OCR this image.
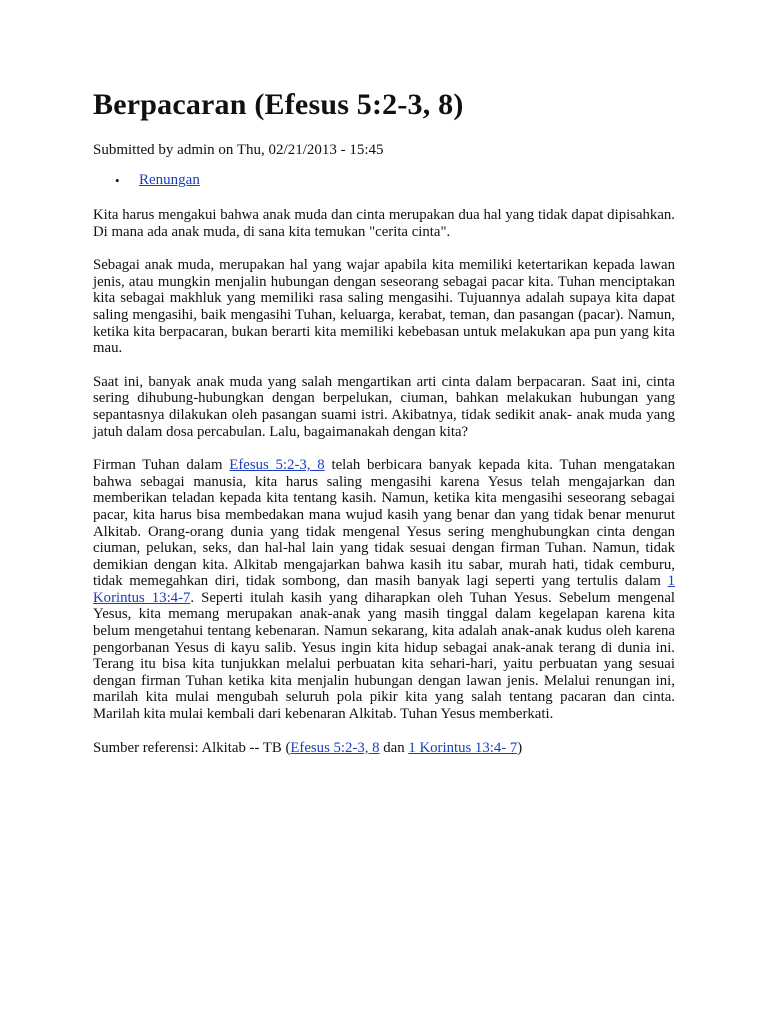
Berpacaran (Efesus 5:2-3, 8)
Submitted by admin on Thu, 02/21/2013 - 15:45
• Renungan

Kita harus mengakui bahwa anak muda dan cinta merupakan dua hal yang tidak dapat dipisahkan. Di mana ada anak muda, di sana kita temukan "cerita cinta".

Sebagai anak muda, merupakan hal yang wajar apabila kita memiliki ketertarikan kepada lawan jenis, atau mungkin menjalin hubungan dengan seseorang sebagai pacar kita. Tuhan menciptakan kita sebagai makhluk yang memiliki rasa saling mengasihi. Tujuannya adalah supaya kita dapat saling mengasihi, baik mengasihi Tuhan, keluarga, kerabat, teman, dan pasangan (pacar). Namun, ketika kita berpacaran, bukan berarti kita memiliki kebebasan untuk melakukan apa pun yang kita mau.

Saat ini, banyak anak muda yang salah mengartikan arti cinta dalam berpacaran. Saat ini, cinta sering dihubung-hubungkan dengan berpelukan, ciuman, bahkan melakukan hubungan yang sepantasnya dilakukan oleh pasangan suami istri. Akibatnya, tidak sedikit anak- anak muda yang jatuh dalam dosa percabulan. Lalu, bagaimanakah dengan kita?

Firman Tuhan dalam Efesus 5:2-3, 8 telah berbicara banyak kepada kita. Tuhan mengatakan bahwa sebagai manusia, kita harus saling mengasihi karena Yesus telah mengajarkan dan memberikan teladan kepada kita tentang kasih. Namun, ketika kita mengasihi seseorang sebagai pacar, kita harus bisa membedakan mana wujud kasih yang benar dan yang tidak benar menurut Alkitab. Orang-orang dunia yang tidak mengenal Yesus sering menghubungkan cinta dengan ciuman, pelukan, seks, dan hal-hal lain yang tidak sesuai dengan firman Tuhan. Namun, tidak demikian dengan kita. Alkitab mengajarkan bahwa kasih itu sabar, murah hati, tidak cemburu, tidak memegahkan diri, tidak sombong, dan masih banyak lagi seperti yang tertulis dalam 1 Korintus 13:4-7. Seperti itulah kasih yang diharapkan oleh Tuhan Yesus. Sebelum mengenal Yesus, kita memang merupakan anak-anak yang masih tinggal dalam kegelapan karena kita belum mengetahui tentang kebenaran. Namun sekarang, kita adalah anak-anak kudus oleh karena pengorbanan Yesus di kayu salib. Yesus ingin kita hidup sebagai anak-anak terang di dunia ini. Terang itu bisa kita tunjukkan melalui perbuatan kita sehari-hari, yaitu perbuatan yang sesuai dengan firman Tuhan ketika kita menjalin hubungan dengan lawan jenis. Melalui renungan ini, marilah kita mulai mengubah seluruh pola pikir kita yang salah tentang pacaran dan cinta. Marilah kita mulai kembali dari kebenaran Alkitab. Tuhan Yesus memberkati.

Sumber referensi: Alkitab -- TB (Efesus 5:2-3, 8 dan 1 Korintus 13:4- 7)
